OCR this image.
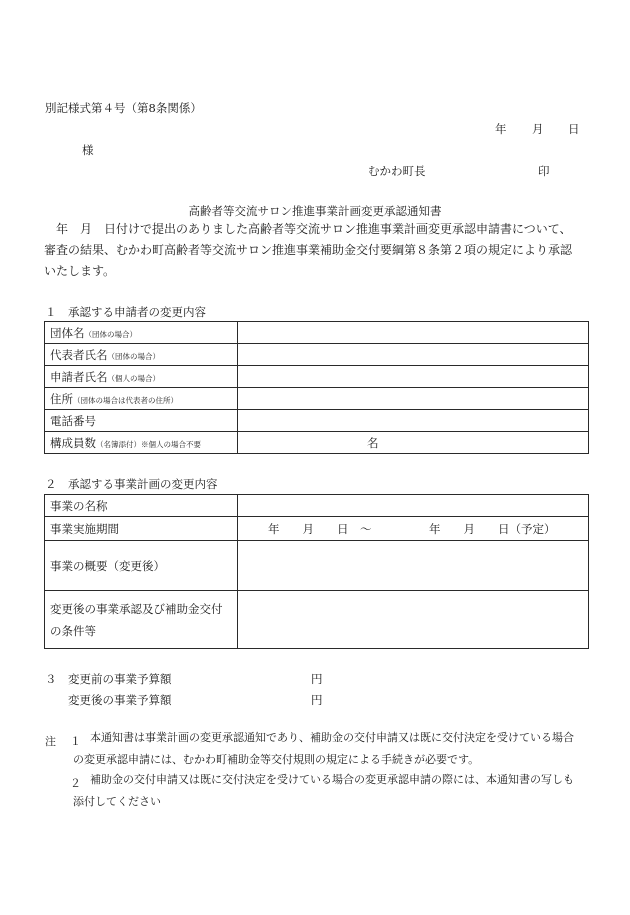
別記様式第４号（第8条関係）
年 月 日
様
むかわ町長	印
高齢者等交流サロン推進事業計画変更承認通知書
　年　月　日付けで提出のありました高齢者等交流サロン推進事業計画変更承認申請書について、
審査の結果、むかわ町高齢者等交流サロン推進事業補助金交付要綱第８条第２項の規定により承認
いたします。
１　承認する申請者の変更内容
団体名（団体の場合）	
代表者氏名（団体の場合）	
申請者氏名（個人の場合）	
住所（団体の場合は代表者の住所）	
電話番号	
構成員数（名簿添付）※個人の場合不要	名
２　承認する事業計画の変更内容
事業の名称	
事業実施期間	年　　月　　日　～　　　　　年　　月　　日（予定）
事業の概要（変更後）	

変更後の事業承認及び補助金交付
の条件等	

３ 変更前の事業予算額	円
変更後の事業予算額	円
注 １ 本通知書は事業計画の変更承認通知であり、補助金の交付申請又は既に交付決定を受けている場合
の変更承認申請には、むかわ町補助金等交付規則の規定による手続きが必要です。
２ 補助金の交付申請又は既に交付決定を受けている場合の変更承認申請の際には、本通知書の写しも
添付してください
